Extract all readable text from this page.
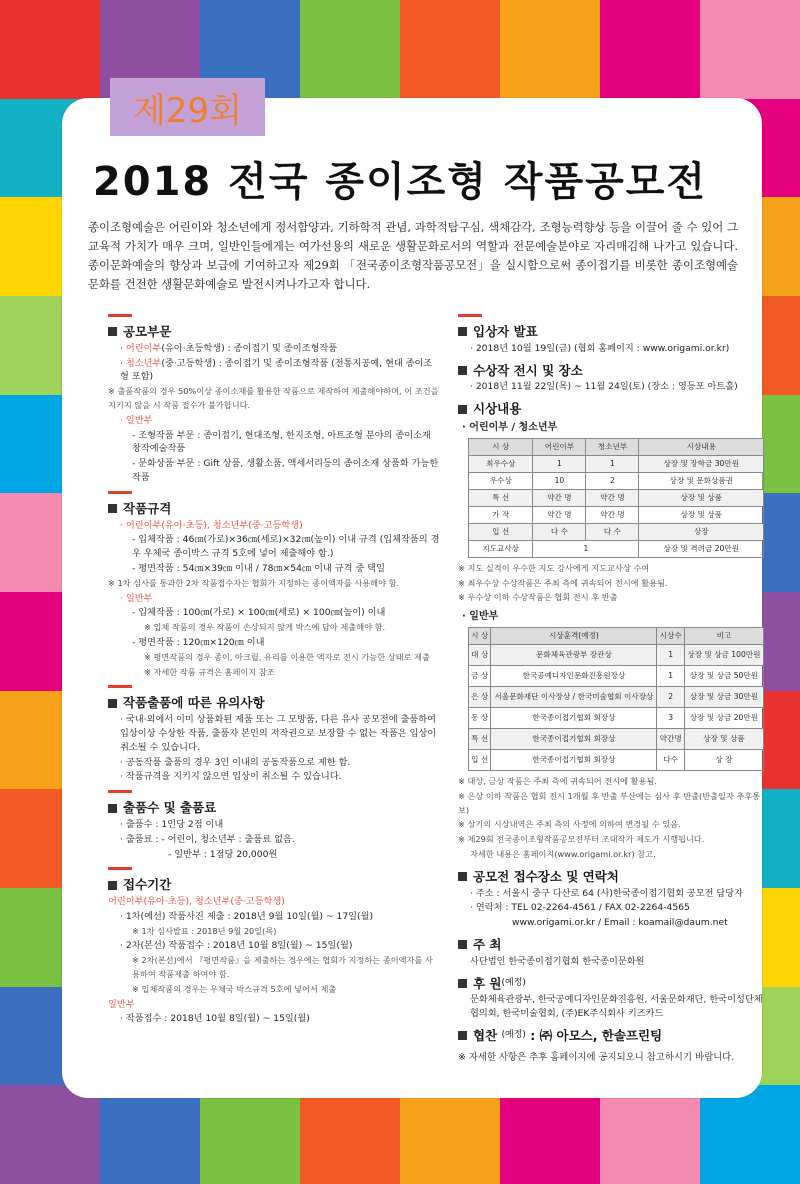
제29회
2018 전국 종이조형 작품공모전
종이조형예술은 어린이와 청소년에게 정서함양과, 기하학적 관념, 과학적탐구심, 색채감각, 조형능력향상 등을 이끌어 줄 수 있어 그 교육적 가치가 매우 크며, 일반인들에게는 여가선용의 새로운 생활문화로서의 역할과 전문예술분야로 자리매김해 나가고 있습니다. 종이문화예술의 향상과 보급에 기여하고자 제29회 「전국종이조형작품공모전」을 실시함으로써 종이접기를 비롯한 종이조형예술문화를 건전한 생활문화예술로 발전시켜나가고자 합니다.
공모부문
· 어린이부(유아·초등학생) : 종이접기 및 종이조형작품
· 청소년부(중·고등학생) : 종이접기 및 종이조형작품 (전통지공예, 현대 종이조형 포함)
※ 출품작품의 경우 50%이상 종이소재를 활용한 작품으로 제작하여 제출해야하며, 이 조건을 지키지 않을 시 작품 접수가 불가합니다.
· 일반부
- 조형작품 부문 : 종이접기, 현대조형, 한지조형, 아트조형 분야의 종이소재 창작예술작품
- 문화상품 부문 : Gift 상품, 생활소품, 액세서리등의 종이소재 상품화 가능한 작품
작품규격
· 어린이부(유아·초등), 청소년부(중·고등학생)
- 입체작품 : 46㎝(가로)×36㎝(세로)×32㎝(높이) 이내 규격 (입체작품의 경우 우체국 종이박스 규격 5호에 넣어 제출해야 함.)
- 평면작품 : 54㎝×39㎝ 이내 / 78㎝×54㎝ 이내 규격 중 택일
※ 1차 심사를 통과한 2차 작품접수자는 협회가 지정하는 종이액자를 사용해야 함.
· 일반부
- 입체작품 : 100㎝(가로) × 100㎝(세로) × 100㎝(높이) 이내
※ 입체 작품의 경우 작품이 손상되지 않게 박스에 담아 제출해야 함.
- 평면작품 : 120㎝×120㎝ 이내
※ 평면작품의 경우 종이, 아크릴, 유리를 이용한 액자로 전시 가능한 상태로 제출
※ 자세한 작품 규격은 홈페이지 참조
작품출품에 따른 유의사항
· 국내·외에서 이미 상품화된 제품 또는 그 모방품, 다른 유사 공모전에 출품하여 입상이상 수상한 작품, 출품자 본인의 저작권으로 보장할 수 없는 작품은 입상이 취소될 수 있습니다.
· 공동작품 출품의 경우 3인 이내의 공동작품으로 제한 함.
· 작품규격을 지키지 않으면 입상이 취소될 수 있습니다.
출품수 및 출품료
· 출품수 : 1인당 2점 이내
· 출품료 : - 어린이, 청소년부 : 출품료 없음.
- 일반부 : 1점당 20,000원
접수기간
어린이부(유아·초등), 청소년부(중·고등학생)
· 1차(예선) 작품사진 제출 : 2018년 9월 10일(월) ~ 17일(월)
※ 1차 심사발표 : 2018년 9월 20일(목)
· 2차(본선) 작품접수 : 2018년 10월 8일(월) ~ 15일(월)
※ 2차(본선)에서 『평면작품』을 제출하는 경우에는 협회가 지정하는 종이액자를 사용하여 작품제출 하여야 함.
※ 입체작품의 경우는 우체국 박스규격 5호에 넣어서 제출
일반부
· 작품접수 : 2018년 10월 8일(월) ~ 15일(월)
입상자 발표
· 2018년 10월 19일(금) (협회 홈페이지 : www.origami.or.kr)
수상작 전시 및 장소
· 2018년 11월 22일(목) ~ 11월 24일(토) (장소 : 영등포 아트홀)
시상내용
· 어린이부 / 청소년부
시 상	어린이부	청소년부	시상내용
최우수상	1	1	상장 및 장학금 30만원
우수상	10	2	상장 및 문화상품권
특 선	약간 명	약간 명	상장 및 상품
가 작	약간 명	약간 명	상장 및 상품
입 선	다 수	다 수	상장
지도교사상	1		상장 및 격려금 20만원
※ 지도 실적이 우수한 지도 강사에게 지도교사상 수여
※ 최우수상 수상작품은 주최 측에 귀속되어 전시에 활용됨.
※ 우수상 이하 수상작품은 협회 전시 후 반출
· 일반부
시 상	시상훈격(예정)	시상수	비고
대 상	문화체육관광부 장관상	1	상장 및 상금 100만원
금 상	한국공예디자인문화진흥원장상	1	상장 및 상금 50만원
은 상	서울문화재단 이사장상 / 한국미술협회 이사장상	2	상장 및 상금 30만원
동 상	한국종이접기협회 회장상	3	상장 및 상금 20만원
특 선	한국종이접기협회 회장상	약간명	상장 및 상품
입 선	한국종이접기협회 회장상	다수	상 장
※ 대상, 금상 작품은 주최 측에 귀속되어 전시에 활용됨.
※ 은상 이하 작품은 협회 전시 1개월 후 반출 부산에는 심사 후 반출(반출일자 추후통보)
※ 상기의 시상내역은 주최 측의 사정에 의하여 변경될 수 있음.
※ 제29회 전국종이조형작품공모전부터 조대작가 제도가 시행됩니다.
자세한 내용은 홈페이지(www.origami.or.kr) 참고.
공모전 접수장소 및 연락처
· 주소 : 서울시 중구 다산로 64 (사)한국종이접기협회 공모전 담당자
· 연락처 : TEL 02-2264-4561 / FAX 02-2264-4565
www.origami.or.kr / Email : koamail@daum.net
주 최
사단법인 한국종이접기협회 한국종이문화원
후 원 (예정)
문화체육관광부, 한국공예디자인문화진흥원, 서울문화재단, 한국이성단체협의회, 한국미술협회, (주)EK주식회사 키즈카드
협찬
(예정)
: ㈜ 아모스, 한솔프린팅
※ 자세한 사항은 추후 홈페이지에 공지되오니 참고하시기 바랍니다.
